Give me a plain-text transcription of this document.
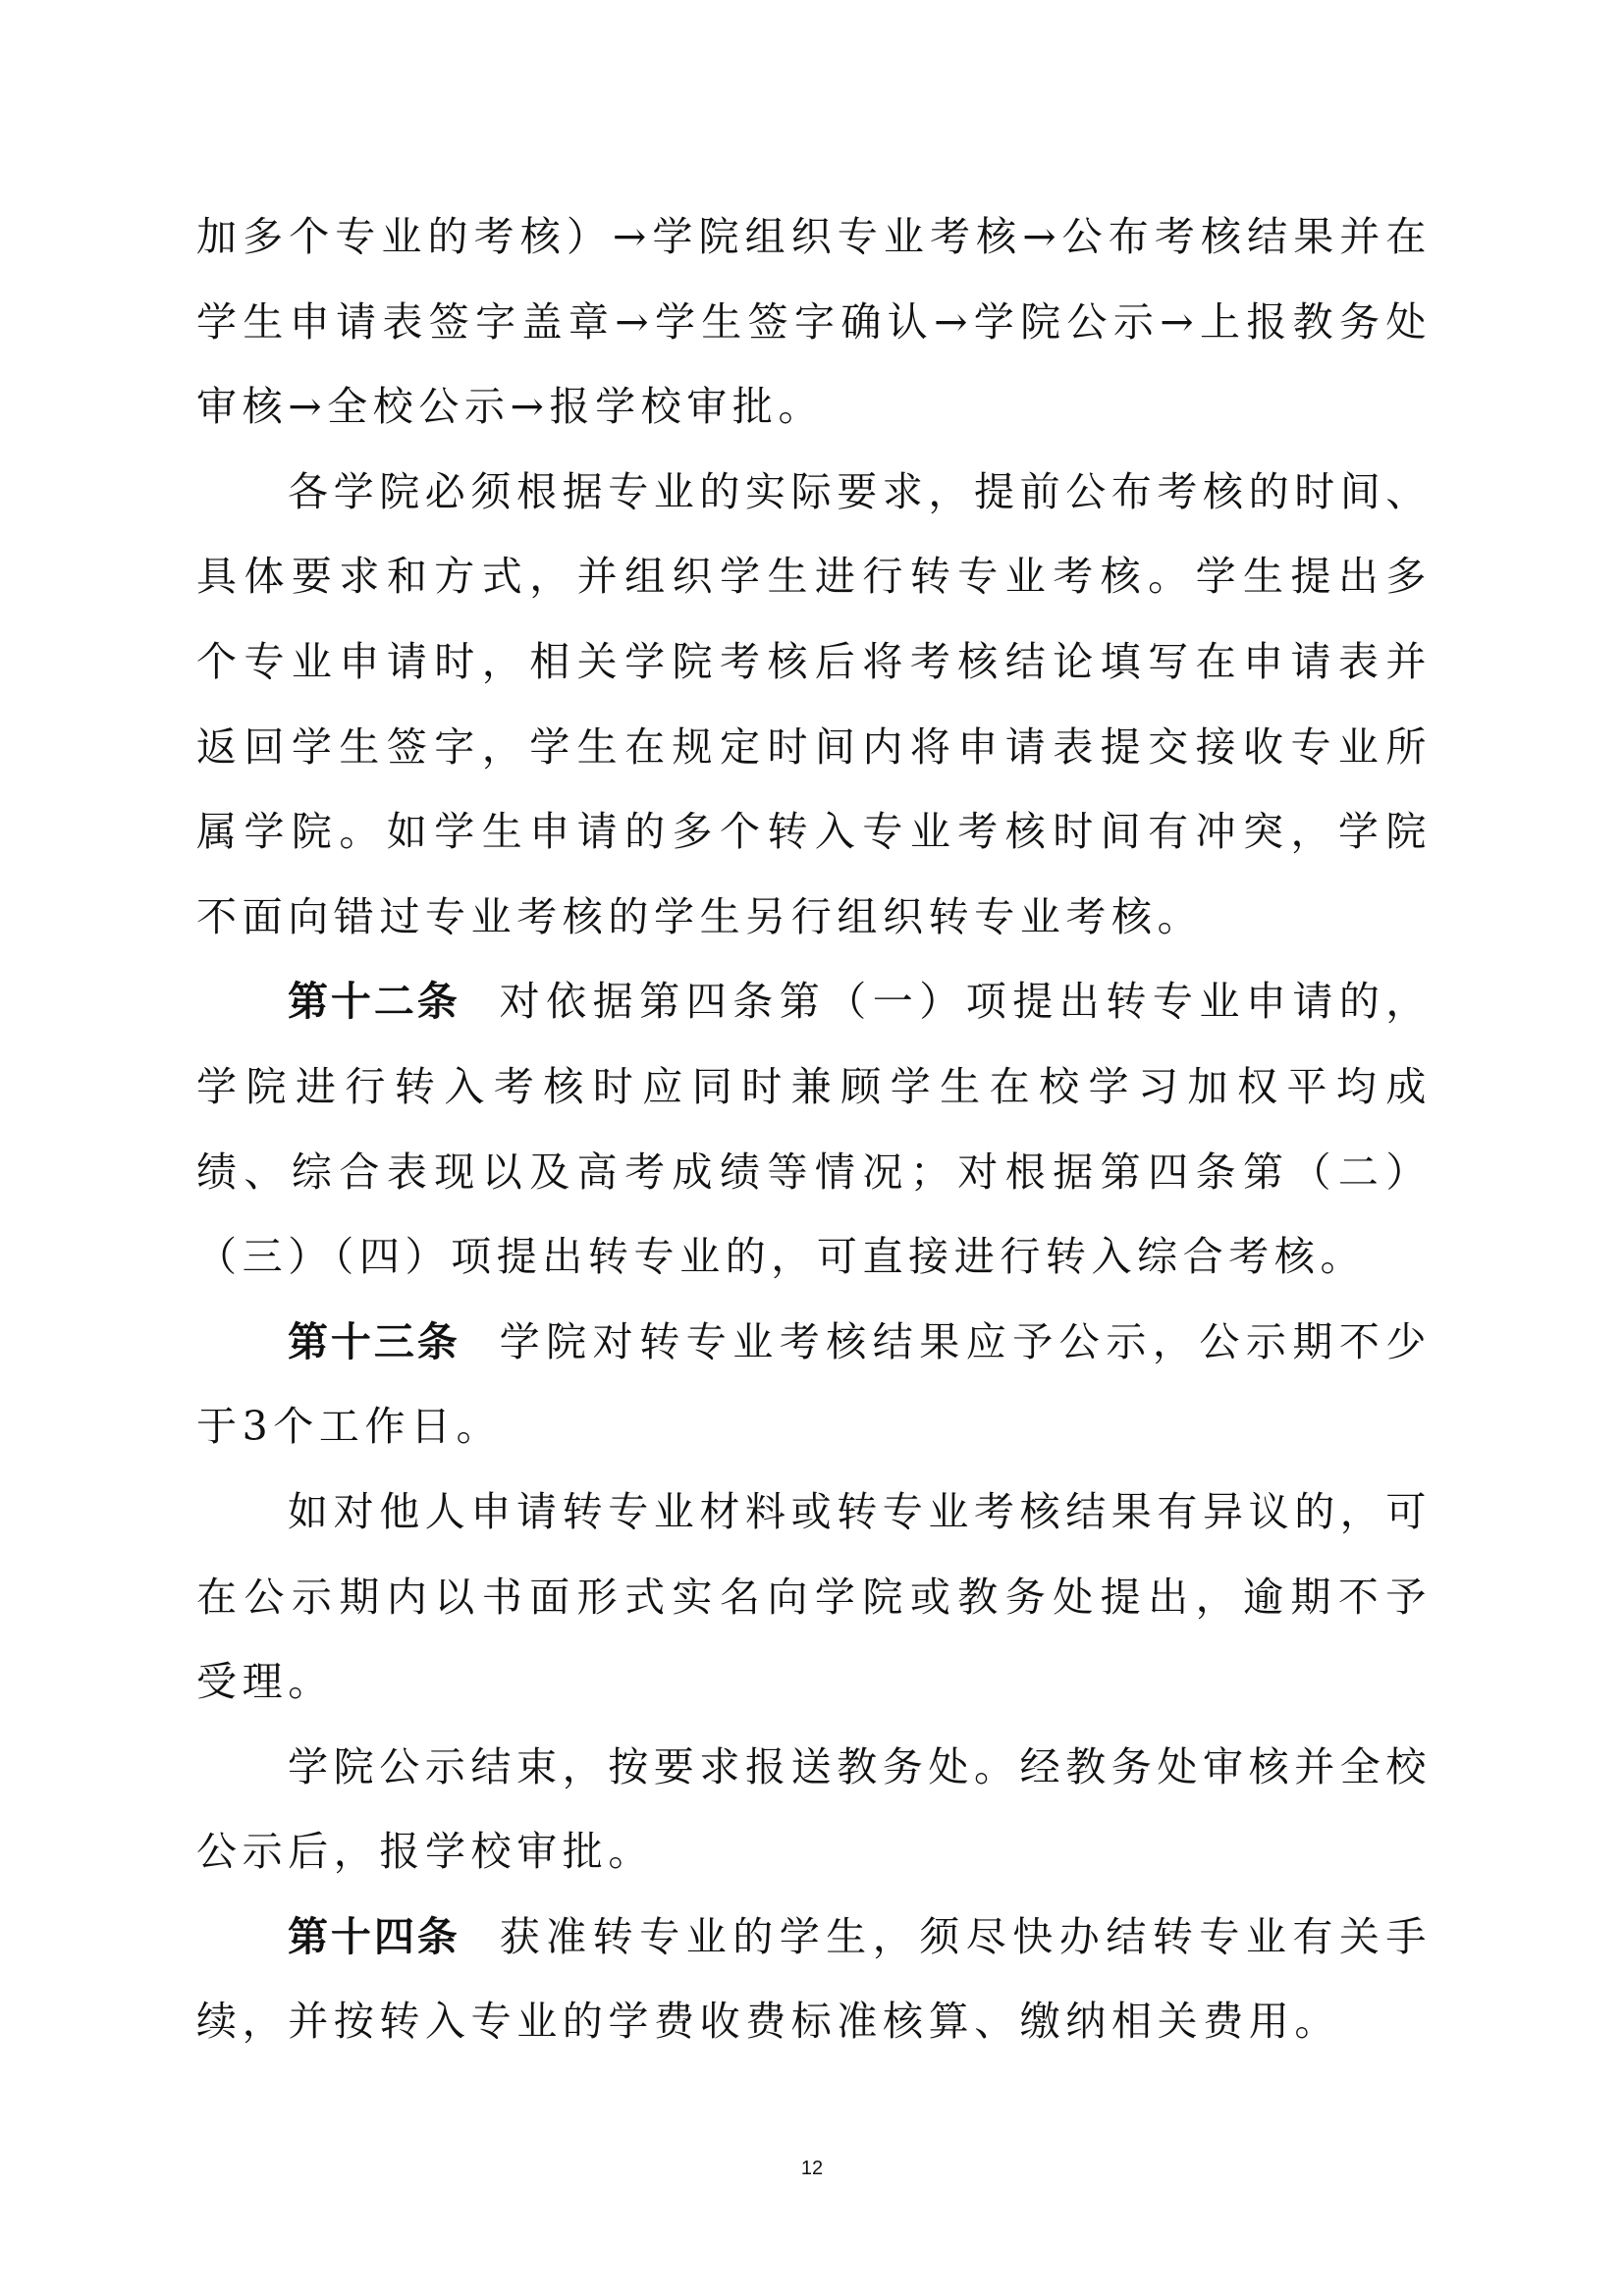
加多个专业的考核）→学院组织专业考核→公布考核结果并在学生申请表签字盖章→学生签字确认→学院公示→上报教务处审核→全校公示→报学校审批。

各学院必须根据专业的实际要求，提前公布考核的时间、具体要求和方式，并组织学生进行转专业考核。学生提出多个专业申请时，相关学院考核后将考核结论填写在申请表并返回学生签字，学生在规定时间内将申请表提交接收专业所属学院。如学生申请的多个转入专业考核时间有冲突，学院不面向错过专业考核的学生另行组织转专业考核。

第十二条 对依据第四条第（一）项提出转专业申请的，学院进行转入考核时应同时兼顾学生在校学习加权平均成绩、综合表现以及高考成绩等情况；对根据第四条第（二）（三）（四）项提出转专业的，可直接进行转入综合考核。

第十三条 学院对转专业考核结果应予公示，公示期不少于3个工作日。

如对他人申请转专业材料或转专业考核结果有异议的，可在公示期内以书面形式实名向学院或教务处提出，逾期不予受理。

学院公示结束，按要求报送教务处。经教务处审核并全校公示后，报学校审批。

第十四条 获准转专业的学生，须尽快办结转专业有关手续，并按转入专业的学费收费标准核算、缴纳相关费用。

12
